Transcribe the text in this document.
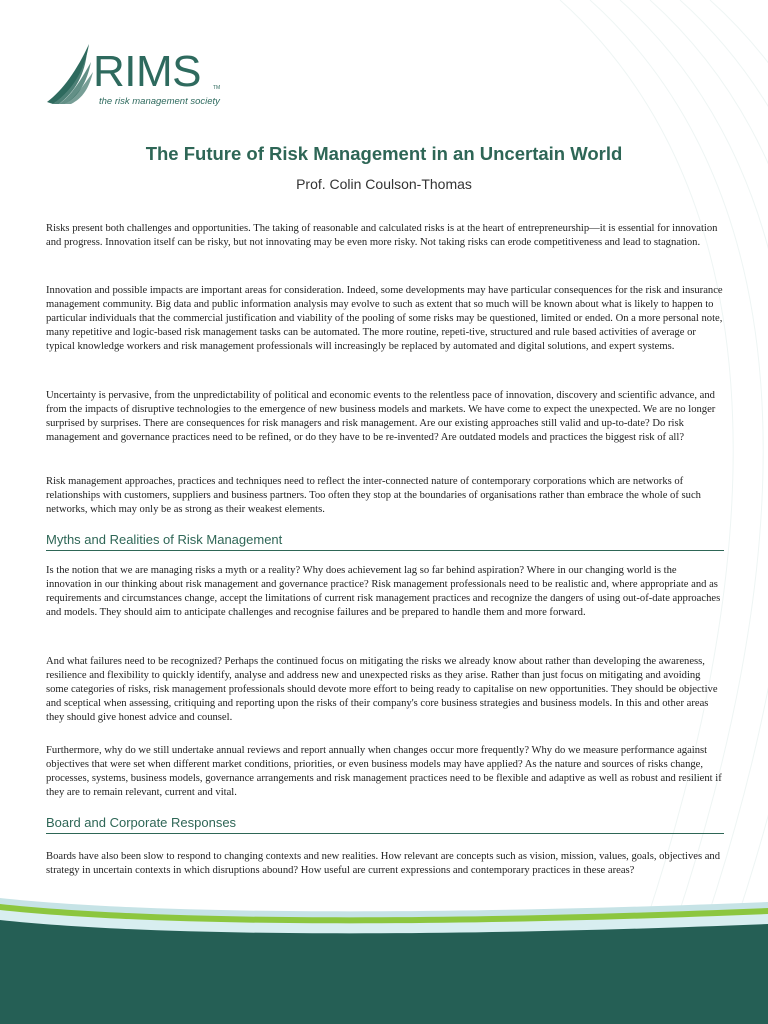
RIMS TM
the risk management society
The Future of Risk Management in an Uncertain World
Prof. Colin Coulson-Thomas

Risks present both challenges and opportunities. The taking of reasonable and calculated risks is at the heart of entrepreneurship—it is essential for innovation and progress. Innovation itself can be risky, but not innovating may be even more risky. Not taking risks can erode competitiveness and lead to stagnation.

Innovation and possible impacts are important areas for consideration. Indeed, some developments may have particular consequences for the risk and insurance management community. Big data and public information analysis may evolve to such as extent that so much will be known about what is likely to happen to particular individuals that the commercial justification and viability of the pooling of some risks may be questioned, limited or ended. On a more personal note, many repetitive and logic-based risk management tasks can be automated. The more routine, repeti-tive, structured and rule based activities of average or typical knowledge workers and risk management professionals will increasingly be replaced by automated and digital solutions, and expert systems.

Uncertainty is pervasive, from the unpredictability of political and economic events to the relentless pace of innovation, discovery and scientific advance, and from the impacts of disruptive technologies to the emergence of new business models and markets. We have come to expect the unexpected. We are no longer surprised by surprises. There are consequences for risk managers and risk management. Are our existing approaches still valid and up-to-date? Do risk management and governance practices need to be refined, or do they have to be re-invented? Are outdated models and practices the biggest risk of all?

Risk management approaches, practices and techniques need to reflect the inter-connected nature of contemporary corporations which are networks of relationships with customers, suppliers and business partners. Too often they stop at the boundaries of organisations rather than embrace the whole of such networks, which may only be as strong as their weakest elements.

Myths and Realities of Risk Management

Is the notion that we are managing risks a myth or a reality? Why does achievement lag so far behind aspiration? Where in our changing world is the innovation in our thinking about risk management and governance practice? Risk management professionals need to be realistic and, where appropriate and as requirements and circumstances change, accept the limitations of current risk management practices and recognize the dangers of using out-of-date approaches and models. They should aim to anticipate challenges and recognise failures and be prepared to handle them and more forward.

And what failures need to be recognized? Perhaps the continued focus on mitigating the risks we already know about rather than developing the awareness, resilience and flexibility to quickly identify, analyse and address new and unexpected risks as they arise. Rather than just focus on mitigating and avoiding some categories of risks, risk management professionals should devote more effort to being ready to capitalise on new opportunities. They should be objective and sceptical when assessing, critiquing and reporting upon the risks of their company's core business strategies and business models. In this and other areas they should give honest advice and counsel.

Furthermore, why do we still undertake annual reviews and report annually when changes occur more frequently? Why do we measure performance against objectives that were set when different market conditions, priorities, or even business models may have applied? As the nature and sources of risks change, processes, systems, business models, governance arrangements and risk management practices need to be flexible and adaptive as well as robust and resilient if they are to remain relevant, current and vital.

Board and Corporate Responses

Boards have also been slow to respond to changing contexts and new realities. How relevant are concepts such as vision, mission, values, goals, objectives and strategy in uncertain contexts in which disruptions abound? How useful are current expressions and contemporary practices in these areas?
